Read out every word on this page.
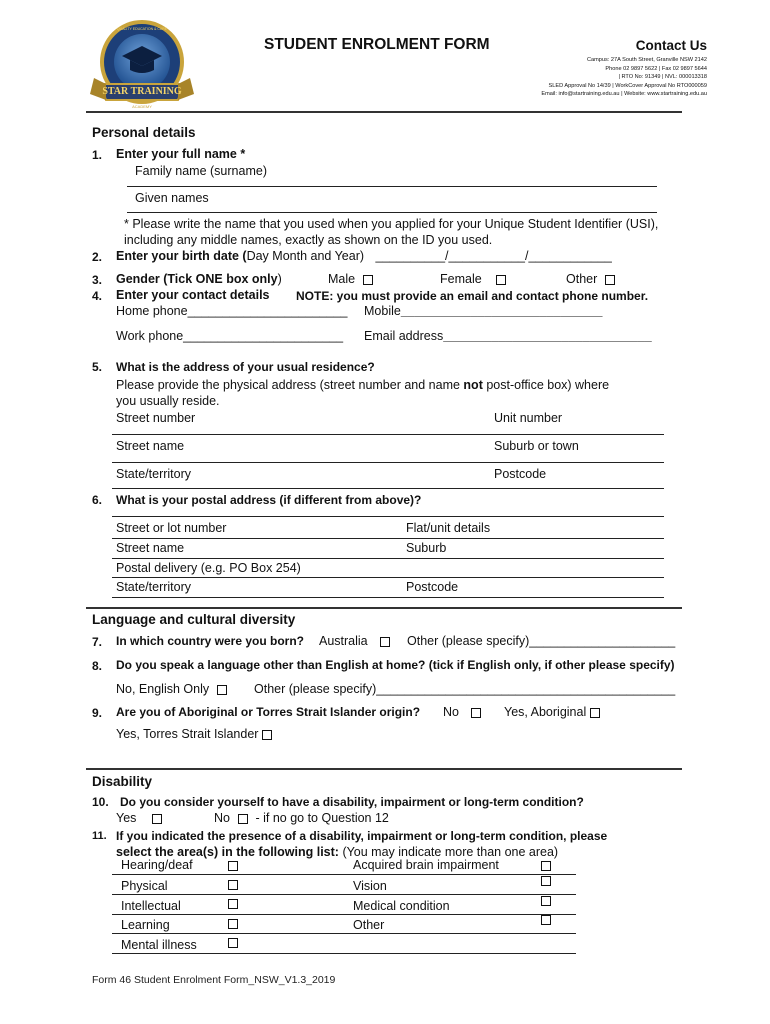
STAR TRAINING
QUALITY EDUCATION & CARE
ACADEMY
STUDENT ENROLMENT FORM	Contact Us
Campus: 27A South Street, Granville NSW 2142
Phone 02 9897 5622 | Fax 02 9897 5644
| RTO No: 91349 | NVL: 000013318
SLED Approval No 14/39 | WorkCover Approval No RTO000059
Email: info@startraining.edu.au | Website: www.startraining.edu.au
Personal details
1. Enter your full name *
Family name (surname)
Given names
* Please write the name that you used when you applied for your Unique Student Identifier (USI),
including any middle names, exactly as shown on the ID you used.
2. Enter your birth date (Day Month and Year) __________/___________/____________
3. Gender (Tick ONE box only)	Male	Female	Other
4. Enter your contact details NOTE: you must provide an email and contact phone number.
Home phone_______________________ Mobile_____________________________
Work phone_______________________ Email address______________________________
5. What is the address of your usual residence?
Please provide the physical address (street number and name not post-office box) where
you usually reside.
Street number	Unit number
Street name	Suburb or town
State/territory	Postcode
6. What is your postal address (if different from above)?
Street or lot number	Flat/unit details
Street name	Suburb
Postal delivery (e.g. PO Box 254)
State/territory	Postcode
Language and cultural diversity
7. In which country were you born? Australia	Other (please specify)_____________________
8. Do you speak a language other than English at home? (tick if English only, if other please specify)
No, English Only	Other (please specify)___________________________________________
9. Are you of Aboriginal or Torres Strait Islander origin? No	Yes, Aboriginal
Yes, Torres Strait Islander
Disability
10. Do you consider yourself to have a disability, impairment or long-term condition?
Yes	No - if no go to Question 12
11. If you indicated the presence of a disability, impairment or long-term condition, please
select the area(s) in the following list: (You may indicate more than one area)
Hearing/deaf	Acquired brain impairment
Physical	Vision
Intellectual	Medical condition
Learning	Other
Mental illness
Form 46 Student Enrolment Form_NSW_V1.3_2019
